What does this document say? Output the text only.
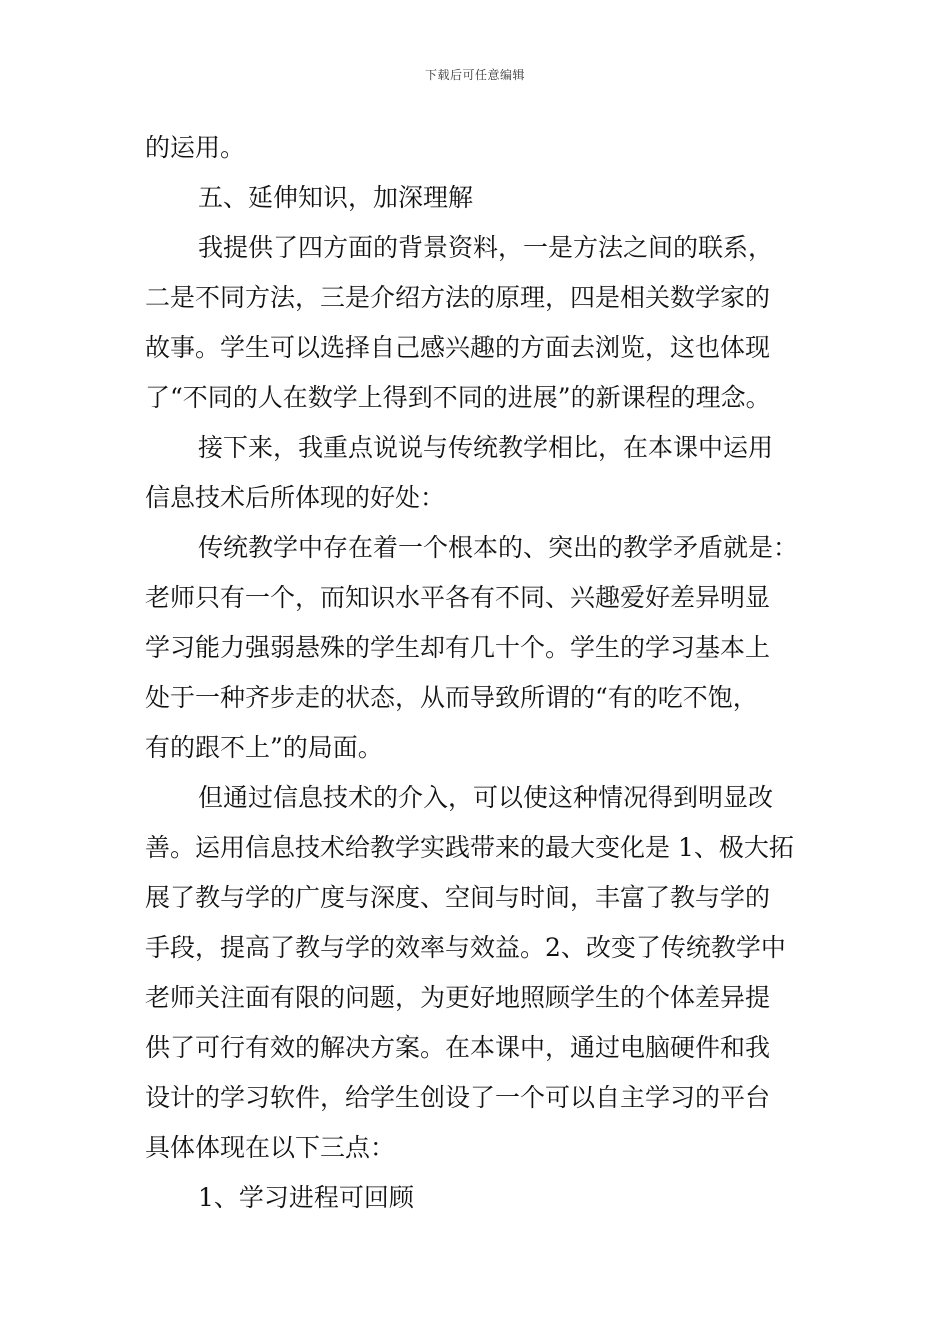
下载后可任意编辑
的运用。
五、延伸知识，加深理解
我提供了四方面的背景资料，一是方法之间的联系，
二是不同方法，三是介绍方法的原理，四是相关数学家的
故事。学生可以选择自己感兴趣的方面去浏览，这也体现
了“不同的人在数学上得到不同的进展”的新课程的理念。
接下来，我重点说说与传统教学相比，在本课中运用
信息技术后所体现的好处：
传统教学中存在着一个根本的、突出的教学矛盾就是：
老师只有一个，而知识水平各有不同、兴趣爱好差异明显
学习能力强弱悬殊的学生却有几十个。学生的学习基本上
处于一种齐步走的状态，从而导致所谓的“有的吃不饱，
有的跟不上”的局面。
但通过信息技术的介入，可以使这种情况得到明显改
善。运用信息技术给教学实践带来的最大变化是 1、极大拓
展了教与学的广度与深度、空间与时间，丰富了教与学的
手段，提高了教与学的效率与效益。2、改变了传统教学中
老师关注面有限的问题，为更好地照顾学生的个体差异提
供了可行有效的解决方案。在本课中，通过电脑硬件和我
设计的学习软件，给学生创设了一个可以自主学习的平台
具体体现在以下三点：
1、学习进程可回顾
